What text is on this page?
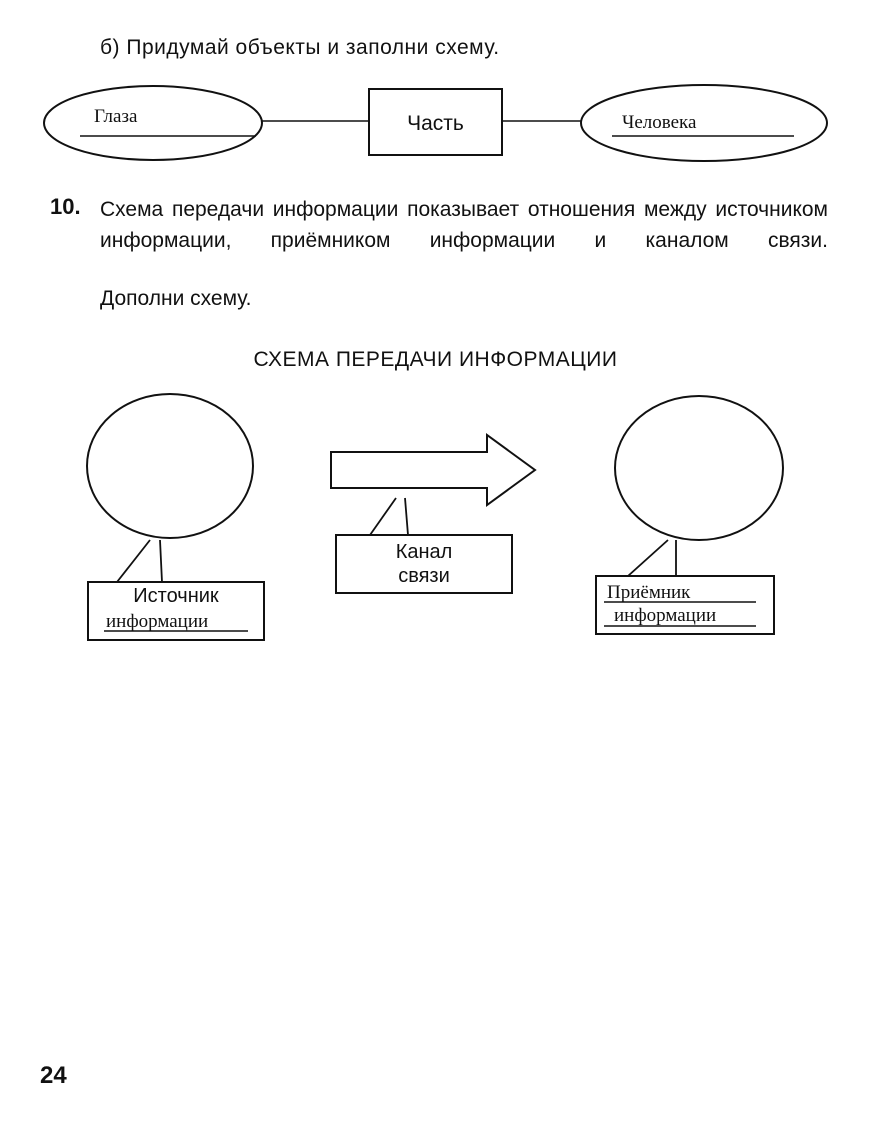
б) Придумай объекты и заполни схему.
Глаза	Часть	Человека
10. Схема передачи информации показывает отношения между источником информации, приёмником информации и каналом связи.
Дополни схему.
СХЕМА ПЕРЕДАЧИ ИНФОРМАЦИИ
Источник
информации
Канал
связи
Приёмник
информации
24
